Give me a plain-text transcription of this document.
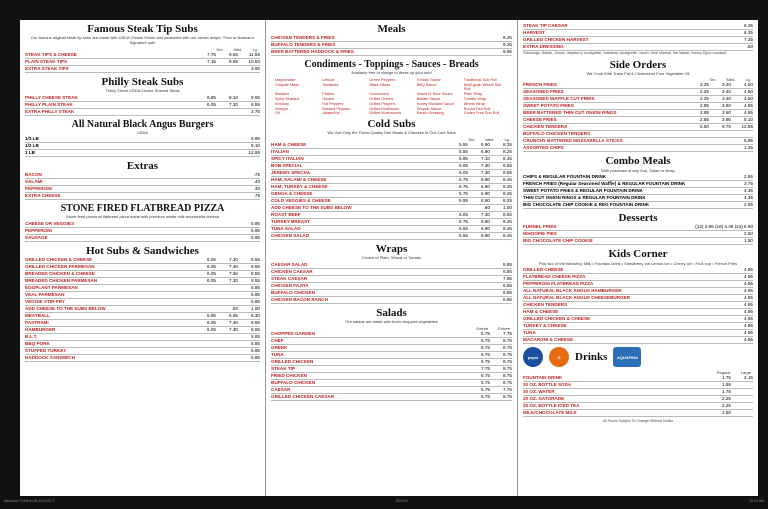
Famous Steak Tip Subs
Our famous original steak tip subs are made with USDA Choice Sirloin and seasoned with our secret recipe. Then to Nadeau's Signature sub!
Sm.	Med.	Lg.
STEAK TIPS & CHEESE	7.75	9.65	11.55
PLAIN STEAK TIPS	7.15	8.65	10.50
EXTRA STEAK TIPS	3.95
Philly Steak Subs
Thinly Sliced USDA Choice Shaved Steak
PHILLY CHEESE STEAK	6.85	8.10	9.55
PHILLY PLAIN STEAK	6.05	7.30	8.55
EXTRA PHILLY STEAK	2.75
All Natural Black Angus Burgers
USDA
1/3 LB	5.95
1/2 LB	9.10
1 LB	12.95
Extras
BACON	.75
SALAMI	.40
PEPPERONI	.30
EXTRA CHEESE	.75
STONE FIRED FLATBREAD PIZZA
Stone fired personal flatbread pizza made with premium whole milk mozzarella cheese
CHEESE OR VEGGIES	5.95
PEPPERONI	5.95
SAUSAGE	5.95
Hot Subs & Sandwiches
GRILLED CHICKEN & CHEESE	6.05	7.30	8.55
GRILLED CHICKEN PARMESAN	6.05	7.30	8.55
BREADED CHICKEN & CHEESE	6.05	7.30	8.55
BREADED CHICKEN PARMESAN	6.05	7.30	8.55
EGGPLANT PARMESAN	5.85
VEAL PARMESAN	5.85
VEGGIE STIR-FRY	5.85
ADD CHEESE TO THE SUBS BELOW	.60	1.00
MEATBALL	5.95	6.95	8.30
PASTRAMI	6.05	7.30	8.55
HAMBURGER	6.05	7.30	8.55
B.L.T.	5.85
BBQ PORK	5.85
STUFFED TURKEY	5.85
HADDOCK SANDWICH	5.85
Meals
CHICKEN TENDERS & FRIES	8.25
BUFFALO TENDERS & FRIES	9.25
BEER BATTERED HADDOCK & FRIES	9.95
Condiments - Toppings - Sauces - Breads
Available free of charge to dress up your sub!
Mayonnaise	Lettuce	Green Peppers	Tomato Sauce	Traditional Sub Roll
Chipotle Mayo	Tomatoes	Black Olives	BBQ Sauce	Multi-grain Wheat Sub Roll
Mustard	Pickles	Cucumbers	Sweet N' Sour Sauce	Plain Wrap
Spicy Mustard	Onions	Grilled Onions	Buffalo Sauce	Tomato Wrap
Ketchup	Hot Peppers	Grilled Peppers	Honey Mustard Sauce	Wheat Wrap
Vinegar	Banana Peppers	Grilled Mushroom	Teriyaki Sauce	Round Deli Roll
Oil	Jalapeños	Grilled Mushrooms	Ranch Dressing	Gluten Free Sub Roll
Cold Subs
We Use Only the Finest Quality Deli Meats & Cheeses In Our Cold Subs
Sm.	Med.	Lg.
HAM & CHEESE	5.55	6.90	8.25
ITALIAN	5.55	6.90	8.25
SPICY ITALIAN	5.95	7.10	8.45
BOB SPECIAL	6.05	7.30	8.55
JEREMY SPECIAL	6.05	7.30	8.55
HAM, SALAMI & CHEESE	5.75	6.90	8.25
HAM, TURKEY & CHEESE	5.75	6.90	8.25
GENOA & CHEESE	5.75	6.90	8.25
COLD VEGGIES & CHEESE	5.55	6.90	8.25
ADD CHEESE TO THE SUBS BELOW	.60	1.00
ROAST BEEF	6.05	7.30	8.55
TURKEY BREAST	5.75	6.90	8.25
TUNA SALAD	5.55	6.90	8.25
CHICKEN SALAD	5.55	6.90	8.25
Wraps
Choice of Plain, Wheat or Tomato
CAESAR SALAD	5.85
CHICKEN CAESAR	6.85
STEAK CAESAR	7.85
CHICKEN FAJITA	6.85
BUFFALO CHICKEN	6.85
CHICKEN BACON RANCH	6.85
Salads
Our salads are made with fresh chopped vegetables
Entrée	Entrée
CHOPPED GARDEN	5.75	7.75
CHEF	6.75	8.75
GREEK	6.75	8.75
TUNA	6.75	8.75
GRILLED CHICKEN	6.75	8.75
STEAK TIP	7.75	9.75
FRIED CHICKEN	6.75	8.75
BUFFALO CHICKEN	6.75	8.75
CAESAR	5.75	7.75
GRILLED CHICKEN CAESAR	6.75	8.75
STEAK TIP CAESAR	6.35
HARVEST	6.35
GRILLED CHICKEN HARVEST	7.25
EXTRA DRESSING	.60
Dressings: Italian, Greek, raspberry vinaigrette, balsamic vinaigrette, ranch, blue cheese, lite Italian, honey Dijon mustard
Side Orders
We Cook With Trans Fat & Cholesterol Free Vegetable Oil
Sm.	Med.	Lg.
FRENCH FRIES	2.25	3.40	4.50
SEASONED FRIES	2.25	3.40	4.50
SEASONED WAFFLE CUT FRIES	2.25	3.40	4.50
SWEET POTATO FRIES	2.95	3.60	4.95
BEER BATTERED THIN CUT ONION RINGS	2.95	3.60	4.95
CHEESE FRIES	2.85	3.95	5.10
CHICKEN TENDERS	6.50	9.75	12.95
BUFFALO CHICKEN TENDERS
CRUNCHY BATTERED MOZZARELLA STICKS	5.95
ASSORTED CHIPS	1.25
Combo Meals
With purchase of any Sub, Salad or Wrap
CHIPS & REGULAR FOUNTAIN DRINK	2.65
FRENCH FRIES (Regular Seasoned Waffle) & REGULAR FOUNTAIN DRINK	3.75
SWEET POTATO FRIES & REGULAR FOUNTAIN DRINK	4.35
THIN CUT ONION RINGS & REGULAR FOUNTAIN DRINK	4.35
BIG CHOCOLATE CHIP COOKIE & REG FOUNTAIN DRINK	2.95
Desserts
FUNNEL FRIES	(12) 2.95 (18) 4.45 (24) 5.90
WHOOPIE PIES	2.50
BIG CHOCOLATE CHIP COOKIE	1.50
Kids Corner
Pick two of the following: Milk • Fountain Drink • Strawberry Ice Lemon Ice • Cherry Ice • Fruit cup • French Fries
GRILLED CHEESE	4.95
FLATBREAD CHEESE PIZZA	4.95
PEPPERONI FLATBREAD PIZZA	4.95
ALL NATURAL BLACK ANGUS HAMBURGER	4.95
ALL NATURAL BLACK ANGUS CHEESEBURGER	4.95
CHICKEN TENDERS	4.95
HAM & CHEESE	4.95
GRILLED CHICKEN & CHEESE	4.95
TURKEY & CHEESE	4.95
TUNA	4.95
MACARONI & CHEESE	4.95
pepsi	G	Drinks	AQUAFINA
Regular	Large
FOUNTAIN DRINK	1.75	2.15
20 OZ. BOTTLE SODA	1.95
20 OZ. WATER	1.75
20 OZ. GATORADE	2.25
20 OZ. BOTTLE ICED TEA	2.25
MILK/CHOCOLATE MILK	1.50
All Prices Subject To Change Without Notice
Nadeaus TOMenu 08-15-2022 2	8/02/16	10:23 AM
